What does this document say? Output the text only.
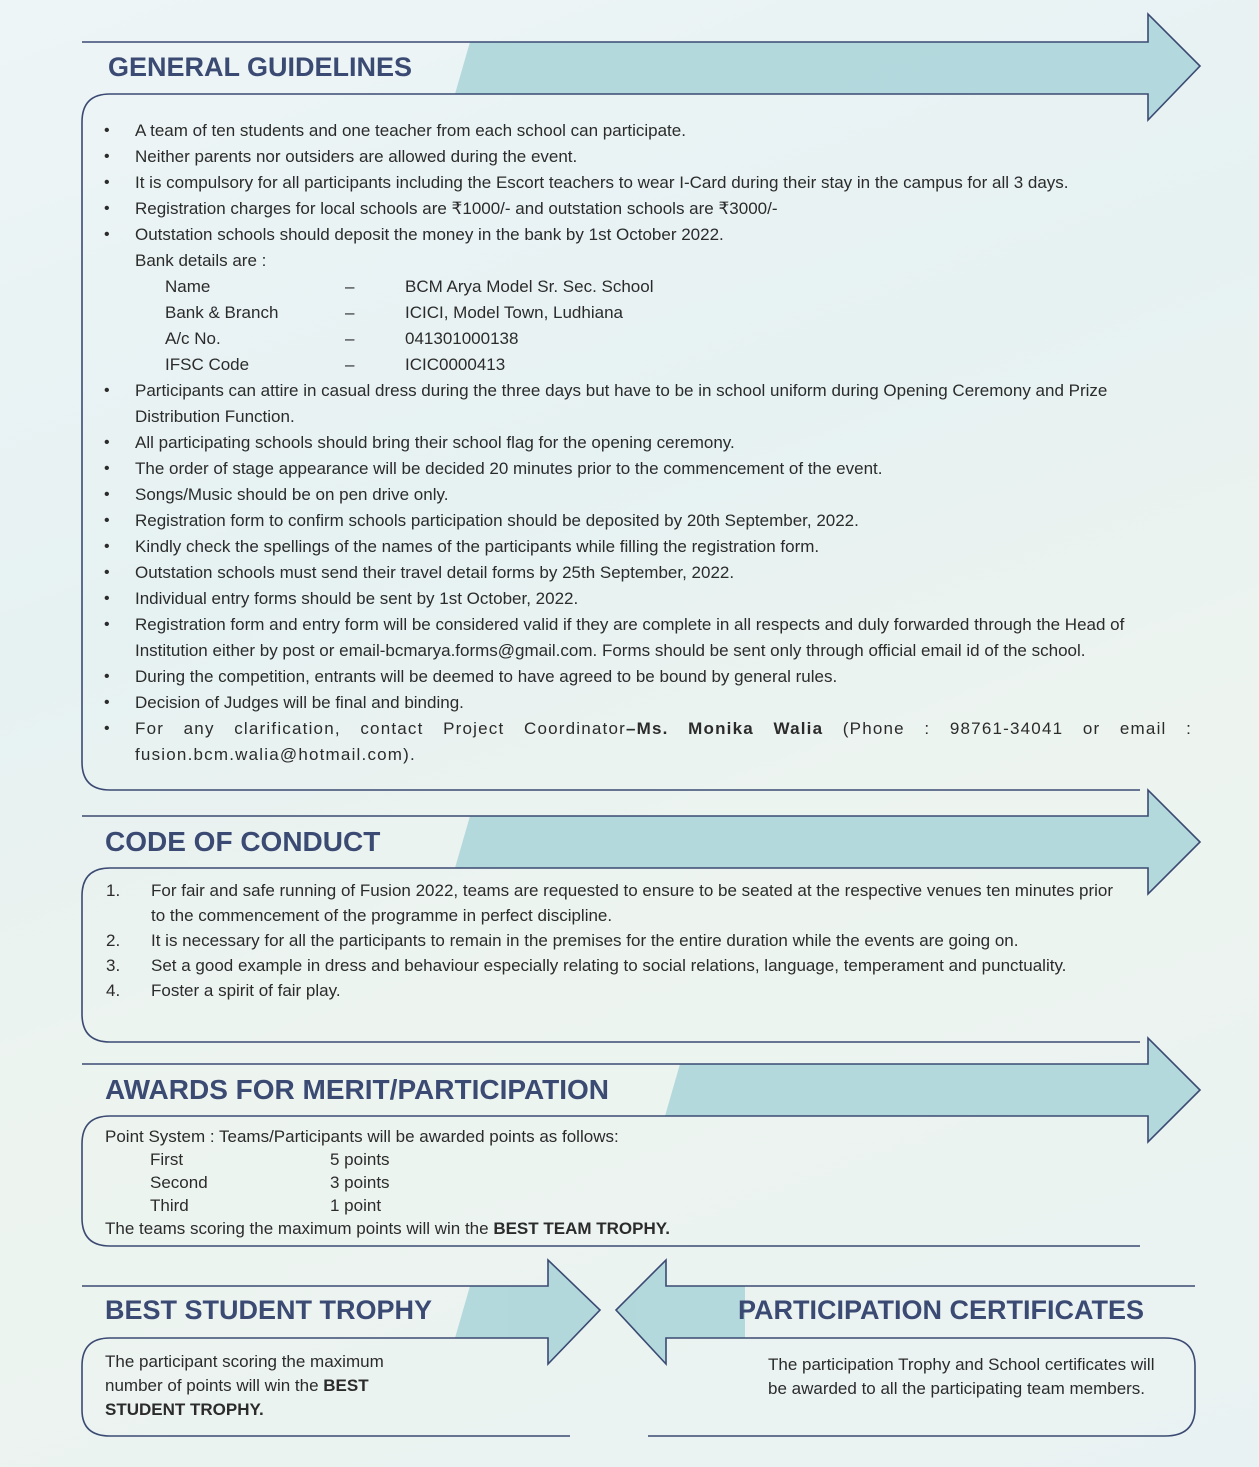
GENERAL GUIDELINES
• A team of ten students and one teacher from each school can participate.
• Neither parents nor outsiders are allowed during the event.
• It is compulsory for all participants including the Escort teachers to wear I-Card during their stay in the campus for all 3 days.
• Registration charges for local schools are ₹1000/- and outstation schools are ₹3000/-
• Outstation schools should deposit the money in the bank by 1st October 2022.
Bank details are :
Name	–	BCM Arya Model Sr. Sec. School
Bank & Branch	–	ICICI, Model Town, Ludhiana
A/c No.	–	041301000138
IFSC Code	–	ICIC0000413
• Participants can attire in casual dress during the three days but have to be in school uniform during Opening Ceremony and Prize Distribution Function.
• All participating schools should bring their school flag for the opening ceremony.
• The order of stage appearance will be decided 20 minutes prior to the commencement of the event.
• Songs/Music should be on pen drive only.
• Registration form to confirm schools participation should be deposited by 20th September, 2022.
• Kindly check the spellings of the names of the participants while filling the registration form.
• Outstation schools must send their travel detail forms by 25th September, 2022.
• Individual entry forms should be sent by 1st October, 2022.
• Registration form and entry form will be considered valid if they are complete in all respects and duly forwarded through the Head of Institution either by post or email-bcmarya.forms@gmail.com. Forms should be sent only through official email id of the school.
• During the competition, entrants will be deemed to have agreed to be bound by general rules.
• Decision of Judges will be final and binding.
• For any clarification, contact Project Coordinator–Ms. Monika Walia (Phone : 98761-34041 or email : fusion.bcm.walia@hotmail.com).
CODE OF CONDUCT
1. For fair and safe running of Fusion 2022, teams are requested to ensure to be seated at the respective venues ten minutes prior to the commencement of the programme in perfect discipline.
2. It is necessary for all the participants to remain in the premises for the entire duration while the events are going on.
3. Set a good example in dress and behaviour especially relating to social relations, language, temperament and punctuality.
4. Foster a spirit of fair play.
AWARDS FOR MERIT/PARTICIPATION
Point System : Teams/Participants will be awarded points as follows:
First	5 points
Second	3 points
Third	1 point
The teams scoring the maximum points will win the BEST TEAM TROPHY.
BEST STUDENT TROPHY
The participant scoring the maximum number of points will win the BEST STUDENT TROPHY.
PARTICIPATION CERTIFICATES
The participation Trophy and School certificates will be awarded to all the participating team members.
